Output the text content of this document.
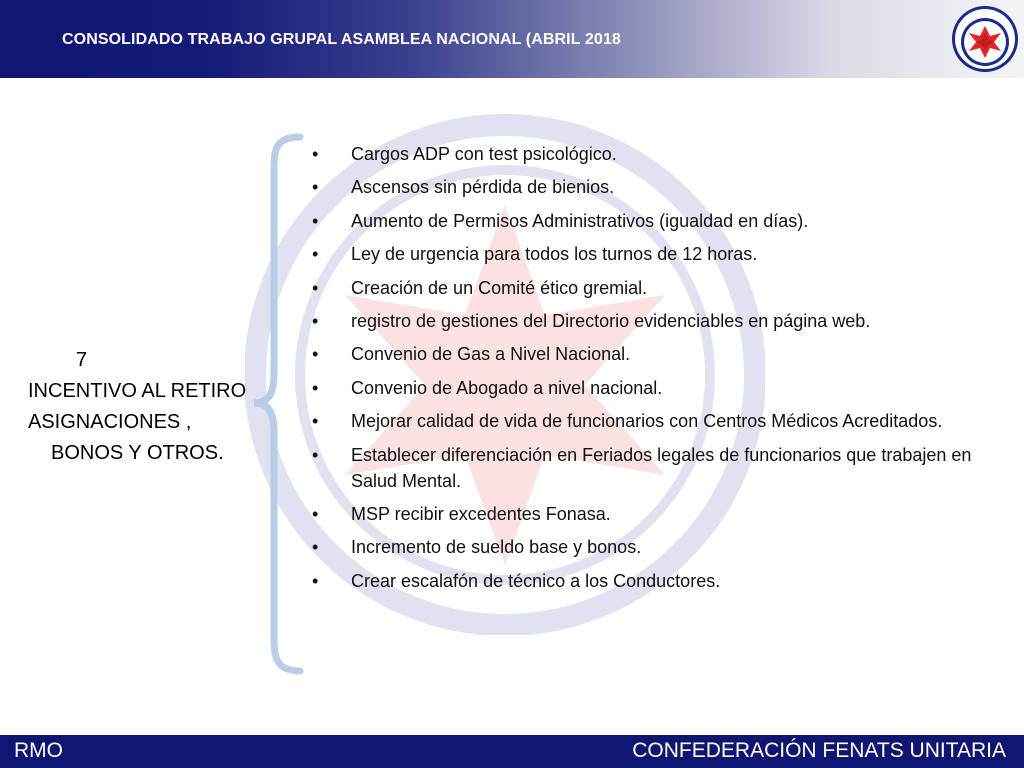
CONSOLIDADO TRABAJO GRUPAL ASAMBLEA NACIONAL (ABRIL 2018
7
INCENTIVO AL RETIRO
ASIGNACIONES ,
BONOS Y OTROS.
• Cargos ADP con test psicológico.
• Ascensos sin pérdida de bienios.
• Aumento de Permisos Administrativos (igualdad en días).
• Ley de urgencia para todos los turnos de 12 horas.
• Creación de un Comité ético gremial.
• registro de gestiones del Directorio evidenciables en página web.
• Convenio de Gas a Nivel Nacional.
• Convenio de Abogado a nivel nacional.
• Mejorar calidad de vida de funcionarios con Centros Médicos Acreditados.
• Establecer diferenciación en Feriados legales de funcionarios que trabajen en Salud Mental.
• MSP recibir excedentes Fonasa.
• Incremento de sueldo base y bonos.
• Crear escalafón de técnico a los Conductores.
RMO	CONFEDERACIÓN FENATS UNITARIA
